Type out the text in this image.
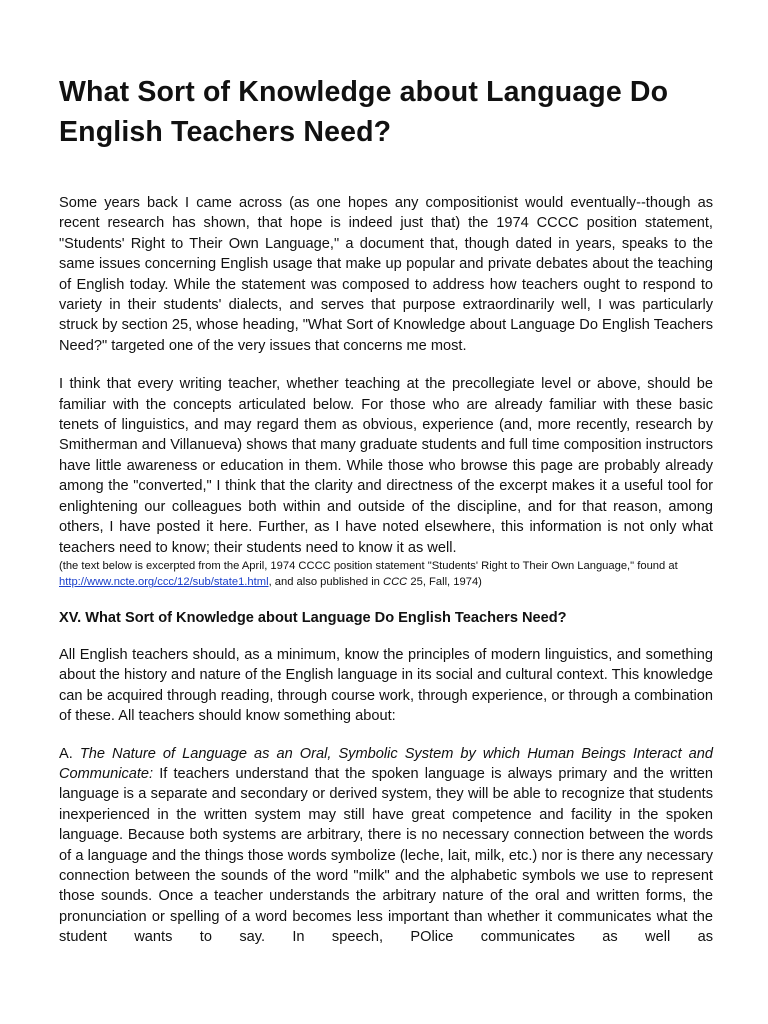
What Sort of Knowledge about Language Do English Teachers Need?

Some years back I came across (as one hopes any compositionist would eventually--though as recent research has shown, that hope is indeed just that) the 1974 CCCC position statement, "Students' Right to Their Own Language," a document that, though dated in years, speaks to the same issues concerning English usage that make up popular and private debates about the teaching of English today. While the statement was composed to address how teachers ought to respond to variety in their students' dialects, and serves that purpose extraordinarily well, I was particularly struck by section 25, whose heading, "What Sort of Knowledge about Language Do English Teachers Need?" targeted one of the very issues that concerns me most.

I think that every writing teacher, whether teaching at the precollegiate level or above, should be familiar with the concepts articulated below. For those who are already familiar with these basic tenets of linguistics, and may regard them as obvious, experience (and, more recently, research by Smitherman and Villanueva) shows that many graduate students and full time composition instructors have little awareness or education in them. While those who browse this page are probably already among the "converted," I think that the clarity and directness of the excerpt makes it a useful tool for enlightening our colleagues both within and outside of the discipline, and for that reason, among others, I have posted it here. Further, as I have noted elsewhere, this information is not only what teachers need to know; their students need to know it as well.

(the text below is excerpted from the April, 1974 CCCC position statement "Students' Right to Their Own Language," found at http://www.ncte.org/ccc/12/sub/state1.html, and also published in CCC 25, Fall, 1974)

XV. What Sort of Knowledge about Language Do English Teachers Need?

All English teachers should, as a minimum, know the principles of modern linguistics, and something about the history and nature of the English language in its social and cultural context. This knowledge can be acquired through reading, through course work, through experience, or through a combination of these. All teachers should know something about:

A. The Nature of Language as an Oral, Symbolic System by which Human Beings Interact and Communicate: If teachers understand that the spoken language is always primary and the written language is a separate and secondary or derived system, they will be able to recognize that students inexperienced in the written system may still have great competence and facility in the spoken language. Because both systems are arbitrary, there is no necessary connection between the words of a language and the things those words symbolize (leche, lait, milk, etc.) nor is there any necessary connection between the sounds of the word "milk" and the alphabetic symbols we use to represent those sounds. Once a teacher understands the arbitrary nature of the oral and written forms, the pronunciation or spelling of a word becomes less important than whether it communicates what the student wants to say. In speech, POlice communicates as well as
